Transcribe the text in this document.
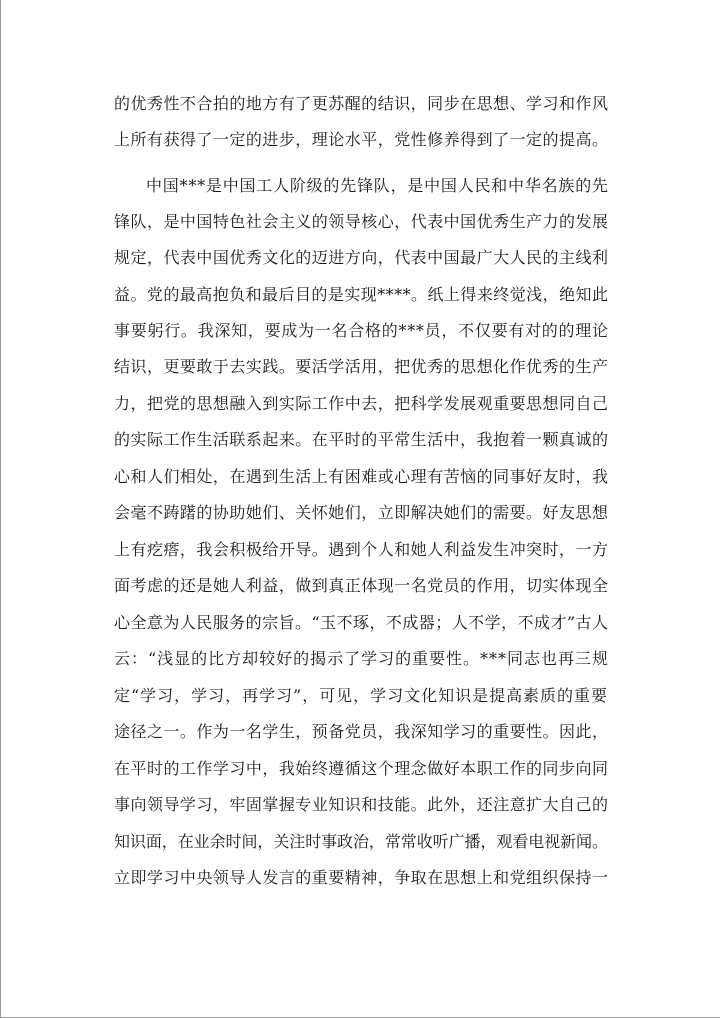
的优秀性不合拍的地方有了更苏醒的结识，同步在思想、学习和作风
上所有获得了一定的进步，理论水平，党性修养得到了一定的提高。
中国***是中国工人阶级的先锋队，是中国人民和中华名族的先
锋队，是中国特色社会主义的领导核心，代表中国优秀生产力的发展
规定，代表中国优秀文化的迈进方向，代表中国最广大人民的主线利
益。党的最高抱负和最后目的是实现****。纸上得来终觉浅，绝知此
事要躬行。我深知，要成为一名合格的***员，不仅要有对的的理论
结识，更要敢于去实践。要活学活用，把优秀的思想化作优秀的生产
力，把党的思想融入到实际工作中去，把科学发展观重要思想同自己
的实际工作生活联系起来。在平时的平常生活中，我抱着一颗真诚的
心和人们相处，在遇到生活上有困难或心理有苦恼的同事好友时，我
会毫不踌躇的协助她们、关怀她们，立即解决她们的需要。好友思想
上有疙瘩，我会积极给开导。遇到个人和她人利益发生冲突时，一方
面考虑的还是她人利益，做到真正体现一名党员的作用，切实体现全
心全意为人民服务的宗旨。“玉不琢，不成器；人不学，不成才”古人
云：“浅显的比方却较好的揭示了学习的重要性。***同志也再三规
定“学习，学习，再学习”，可见，学习文化知识是提高素质的重要
途径之一。作为一名学生，预备党员，我深知学习的重要性。因此，
在平时的工作学习中，我始终遵循这个理念做好本职工作的同步向同
事向领导学习，牢固掌握专业知识和技能。此外，还注意扩大自己的
知识面，在业余时间，关注时事政治，常常收听广播，观看电视新闻。
立即学习中央领导人发言的重要精神，争取在思想上和党组织保持一
